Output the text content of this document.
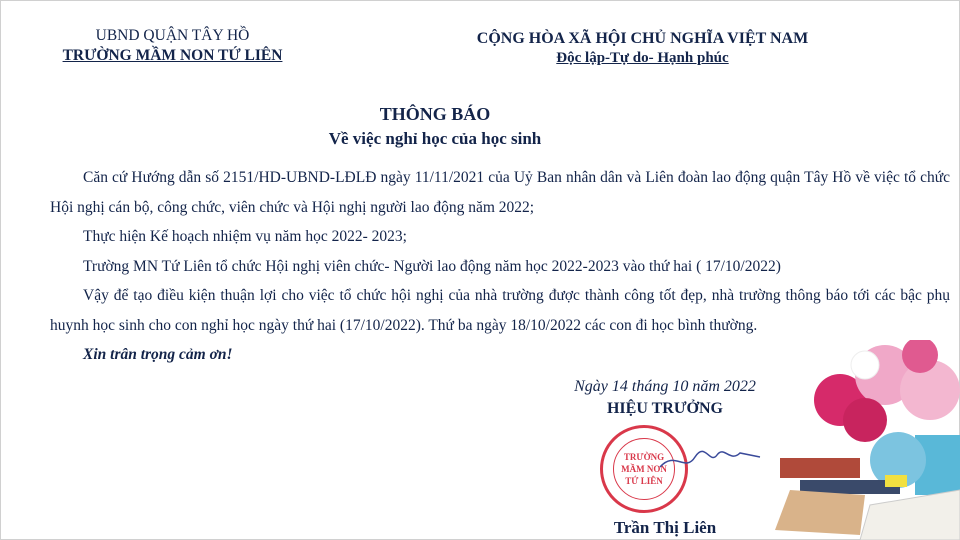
UBND QUẬN TÂY HỒ
TRƯỜNG MẦM NON TỨ LIÊN
CỘNG HÒA XÃ HỘI CHỦ NGHĨA VIỆT NAM
Độc lập-Tự do- Hạnh phúc
THÔNG BÁO
Về việc nghỉ học của học sinh

Căn cứ Hướng dẫn số 2151/HD-UBND-LĐLĐ ngày 11/11/2021 của Uỷ Ban nhân dân và Liên đoàn lao động quận Tây Hồ về việc tổ chức Hội nghị cán bộ, công chức, viên chức và Hội nghị người lao động năm 2022;

Thực hiện Kế hoạch nhiệm vụ năm học 2022- 2023;

Trường MN Tứ Liên tổ chức Hội nghị viên chức- Người lao động năm học 2022-2023 vào thứ hai ( 17/10/2022)

Vậy để tạo điều kiện thuận lợi cho việc tổ chức hội nghị của nhà trường được thành công tốt đẹp, nhà trường thông báo tới các bậc phụ huynh học sinh cho con nghỉ học ngày thứ hai (17/10/2022). Thứ ba ngày 18/10/2022 các con đi học bình thường.

Xin trân trọng cảm ơn!

Ngày 14 tháng 10 năm 2022
HIỆU TRƯỞNG
TRƯỜNG MẦM NON TỨ LIÊN
Trần Thị Liên
